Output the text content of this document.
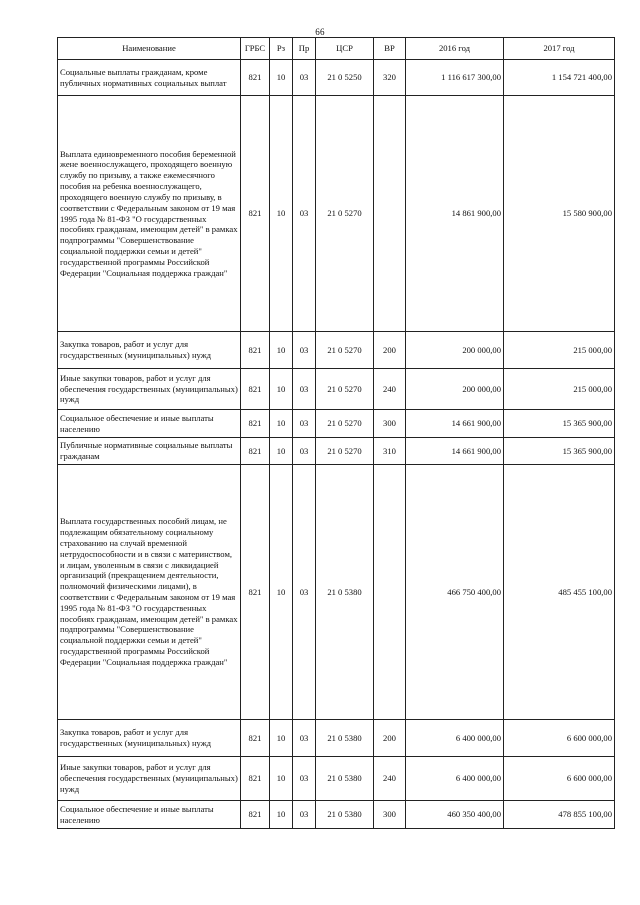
66
Наименование	ГРБС	Рз	Пр	ЦСР	ВР	2016 год	2017 год
Социальные выплаты гражданам, кроме публичных нормативных социальных выплат	821	10	03	21 0 5250	320	1 116 617 300,00	1 154 721 400,00
Выплата единовременного пособия беременной жене военнослужащего, проходящего военную службу по призыву, а также ежемесячного пособия на ребенка военнослужащего, проходящего военную службу по призыву, в соответствии с Федеральным законом от 19 мая 1995 года № 81-ФЗ "О государственных пособиях гражданам, имеющим детей" в рамках подпрограммы "Совершенствование социальной поддержки семьи и детей" государственной программы Российской Федерации "Социальная поддержка граждан"	821	10	03	21 0 5270		14 861 900,00	15 580 900,00
Закупка товаров, работ и услуг для государственных (муниципальных) нужд	821	10	03	21 0 5270	200	200 000,00	215 000,00
Иные закупки товаров, работ и услуг для обеспечения государственных (муниципальных) нужд	821	10	03	21 0 5270	240	200 000,00	215 000,00
Социальное обеспечение и иные выплаты населению	821	10	03	21 0 5270	300	14 661 900,00	15 365 900,00
Публичные нормативные социальные выплаты гражданам	821	10	03	21 0 5270	310	14 661 900,00	15 365 900,00
Выплата государственных пособий лицам, не подлежащим обязательному социальному страхованию на случай временной нетрудоспособности и в связи с материнством, и лицам, уволенным в связи с ликвидацией организаций (прекращением деятельности, полномочий физическими лицами), в соответствии с Федеральным законом от 19 мая 1995 года № 81-ФЗ "О государственных пособиях гражданам, имеющим детей" в рамках подпрограммы "Совершенствование социальной поддержки семьи и детей" государственной программы Российской Федерации "Социальная поддержка граждан"	821	10	03	21 0 5380		466 750 400,00	485 455 100,00
Закупка товаров, работ и услуг для государственных (муниципальных) нужд	821	10	03	21 0 5380	200	6 400 000,00	6 600 000,00
Иные закупки товаров, работ и услуг для обеспечения государственных (муниципальных) нужд	821	10	03	21 0 5380	240	6 400 000,00	6 600 000,00
Социальное обеспечение и иные выплаты населению	821	10	03	21 0 5380	300	460 350 400,00	478 855 100,00
